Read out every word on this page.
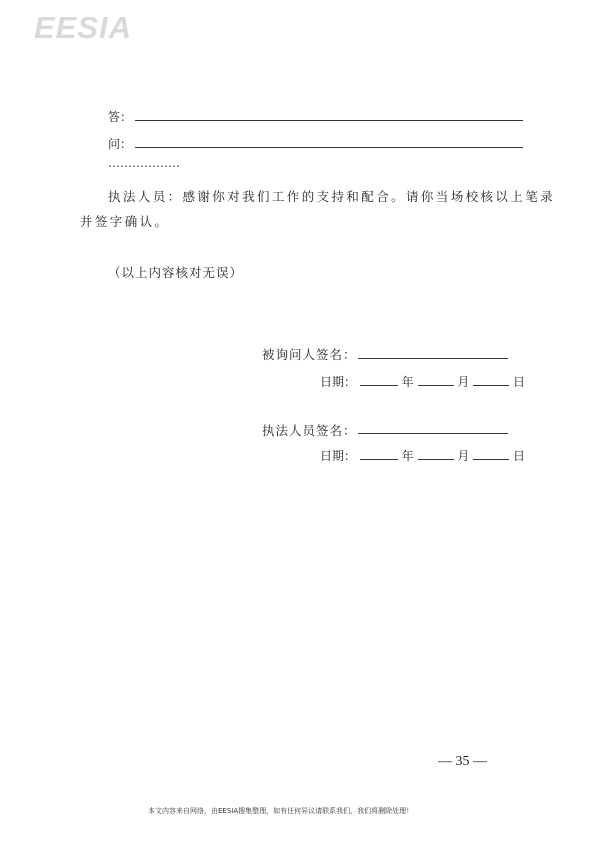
EESIA
答：
问：
………………
执法人员：感谢你对我们工作的支持和配合。请你当场校核以上笔录
并签字确认。
（以上内容核对无误）
被询问人签名：
日期：	年	月	日
执法人员签名：
日期：	年	月	日
— 35 —
本文内容来自网络，由EESIA搜集整理，如有任何异议请联系我们，我们将删除处理！
